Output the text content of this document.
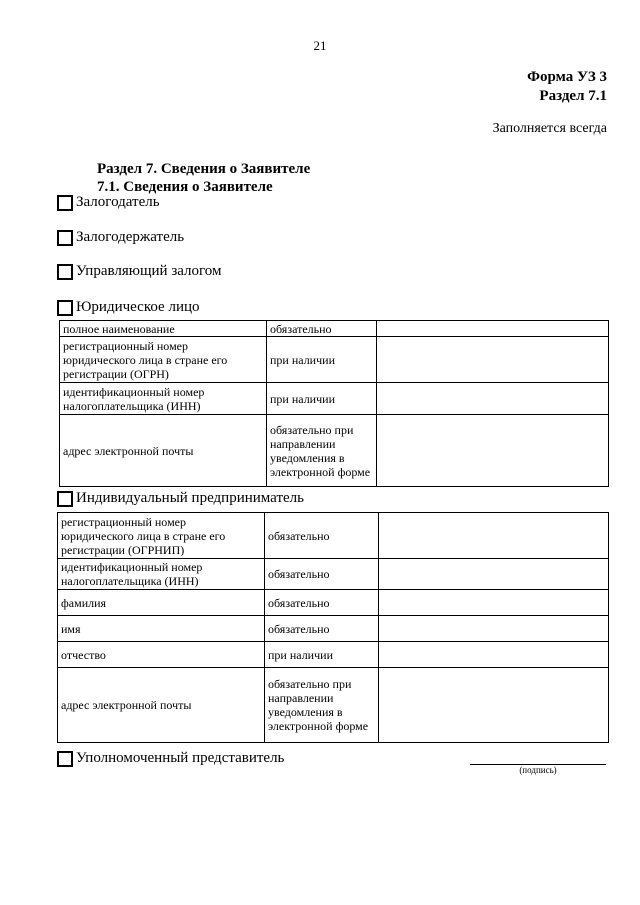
21
Форма УЗ 3
Раздел 7.1
Заполняется всегда
Раздел 7. Сведения о Заявителе
7.1. Сведения о Заявителе
Залогодатель
Залогодержатель
Управляющий залогом
Юридическое лицо
полное наименование	обязательно	
регистрационный номер юридического лица в стране его регистрации (ОГРН)	при наличии	
идентификационный номер налогоплательщика (ИНН)	при наличии	
адрес электронной почты	обязательно при направлении уведомления в электронной форме	
Индивидуальный предприниматель
регистрационный номер юридического лица в стране его регистрации (ОГРНИП)	обязательно	
идентификационный номер налогоплательщика (ИНН)	обязательно	
фамилия	обязательно	
имя	обязательно	
отчество	при наличии	
адрес электронной почты	обязательно при направлении уведомления в электронной форме	
Уполномоченный представитель
(подпись)
